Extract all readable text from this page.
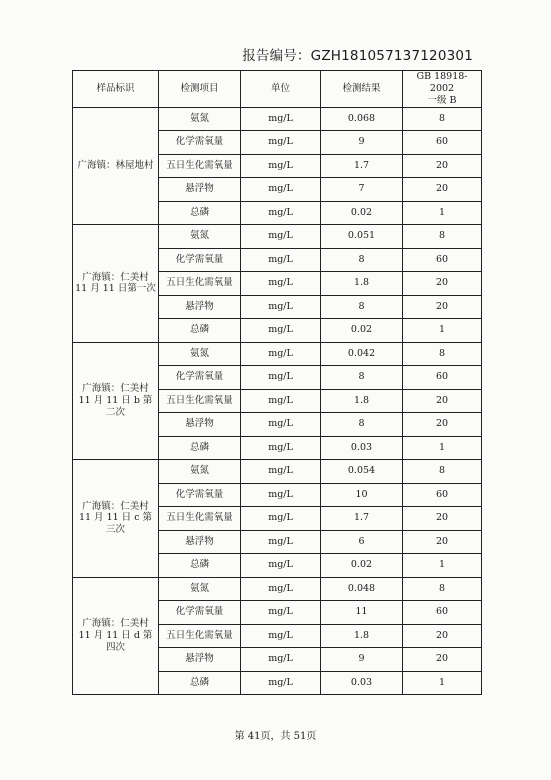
报告编号：GZH181057137120301
样品标识	检测项目	单位	检测结果	GB 18918-2002
一级 B

广海镇：林屋地村	氨氮	mg/L	0.068	8
	化学需氧量	mg/L	9	60
	五日生化需氧量	mg/L	1.7	20
	悬浮物	mg/L	7	20
	总磷	mg/L	0.02	1
广海镇：仁美村 11 月 11 日第一次	氨氮	mg/L	0.051	8
	化学需氧量	mg/L	8	60
	五日生化需氧量	mg/L	1.8	20
	悬浮物	mg/L	8	20
	总磷	mg/L	0.02	1
广海镇：仁美村 11 月 11 日 b 第二次	氨氮	mg/L	0.042	8
	化学需氧量	mg/L	8	60
	五日生化需氧量	mg/L	1.8	20
	悬浮物	mg/L	8	20
	总磷	mg/L	0.03	1
广海镇：仁美村 11 月 11 日 c 第三次	氨氮	mg/L	0.054	8
	化学需氧量	mg/L	10	60
	五日生化需氧量	mg/L	1.7	20
	悬浮物	mg/L	6	20
	总磷	mg/L	0.02	1
广海镇：仁美村 11 月 11 日 d 第四次	氨氮	mg/L	0.048	8
	化学需氧量	mg/L	11	60
	五日生化需氧量	mg/L	1.8	20
	悬浮物	mg/L	9	20
	总磷	mg/L	0.03	1
第 41页，共 51页
